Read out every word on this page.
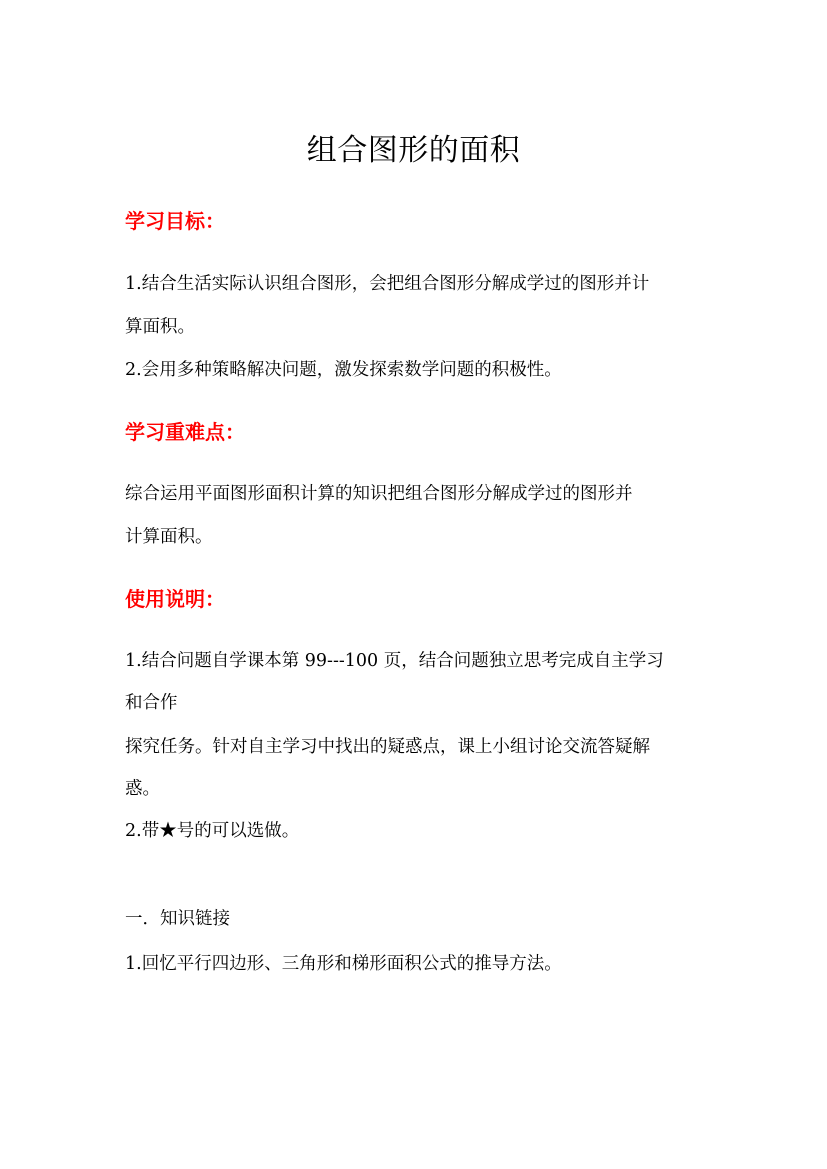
组合图形的面积
学习目标：
1.结合生活实际认识组合图形，会把组合图形分解成学过的图形并计
算面积。
2.会用多种策略解决问题，激发探索数学问题的积极性。
学习重难点：
综合运用平面图形面积计算的知识把组合图形分解成学过的图形并
计算面积。
使用说明：
1.结合问题自学课本第 99---100 页，结合问题独立思考完成自主学习
和合作
探究任务。针对自主学习中找出的疑惑点，课上小组讨论交流答疑解
惑。
2.带★号的可以选做。
一．知识链接
1.回忆平行四边形、三角形和梯形面积公式的推导方法。
